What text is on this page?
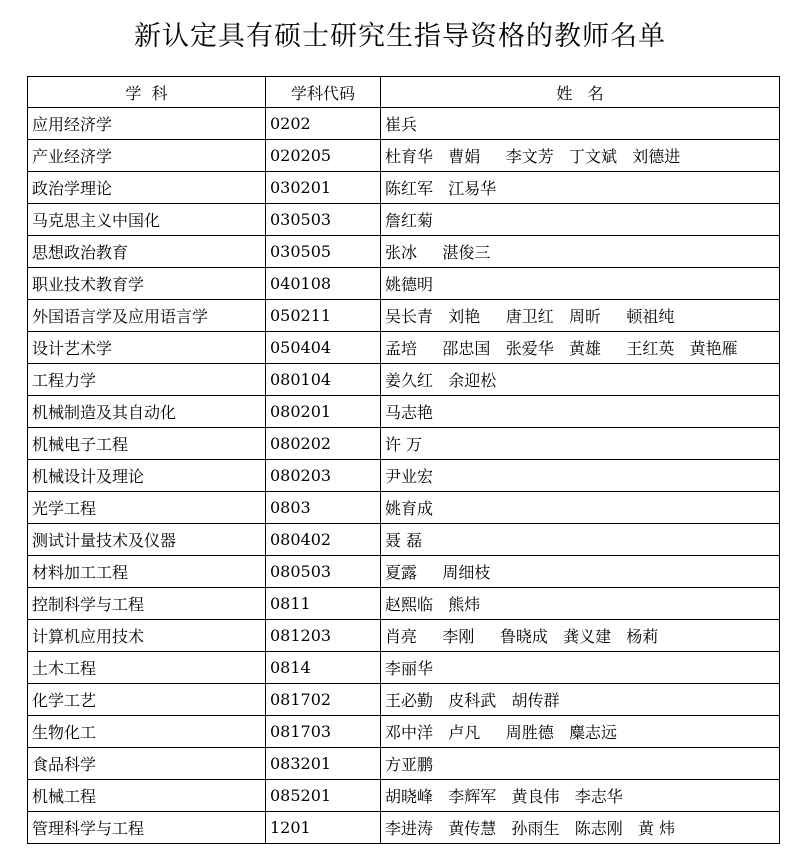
新认定具有硕士研究生指导资格的教师名单
学  科	学科代码	姓   名
应用经济学	0202	崔兵
产业经济学	020205	杜育华   曹娟     李文芳   丁文斌   刘德进
政治学理论	030201	陈红军   江易华
马克思主义中国化	030503	詹红菊
思想政治教育	030505	张冰     湛俊三
职业技术教育学	040108	姚德明
外国语言学及应用语言学	050211	吴长青   刘艳     唐卫红   周昕     顿祖纯
设计艺术学	050404	孟培     邵忠国   张爱华   黄雄     王红英   黄艳雁
工程力学	080104	姜久红   余迎松
机械制造及其自动化	080201	马志艳
机械电子工程	080202	许 万
机械设计及理论	080203	尹业宏
光学工程	0803	姚育成
测试计量技术及仪器	080402	聂 磊
材料加工工程	080503	夏露     周细枝
控制科学与工程	0811	赵熙临   熊炜
计算机应用技术	081203	肖亮     李刚     鲁晓成   龚义建   杨莉
土木工程	0814	李丽华
化学工艺	081702	王必勤   皮科武   胡传群
生物化工	081703	邓中洋   卢凡     周胜德   麋志远
食品科学	083201	方亚鹏
机械工程	085201	胡晓峰   李辉军   黄良伟   李志华
管理科学与工程	1201	李进涛   黄传慧   孙雨生   陈志刚   黄 炜
